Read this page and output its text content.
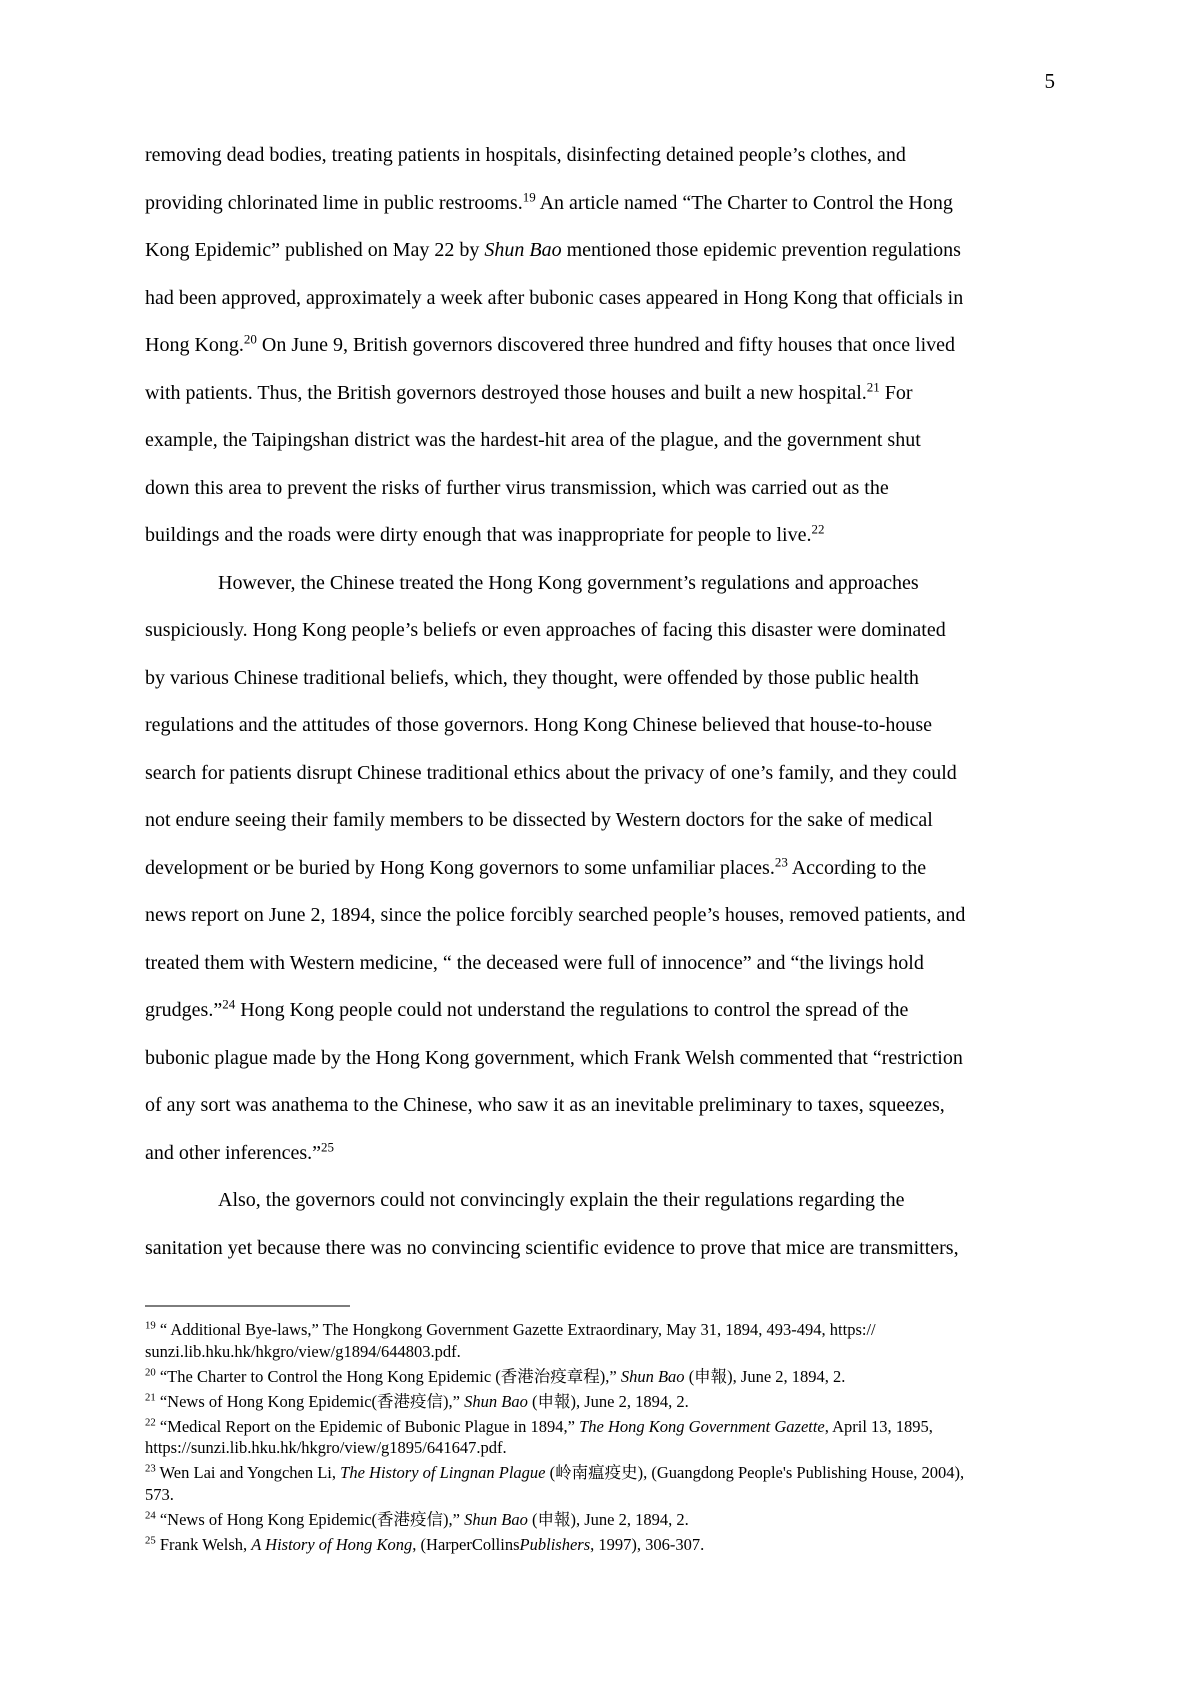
5
removing dead bodies, treating patients in hospitals, disinfecting detained people’s clothes, and
providing chlorinated lime in public restrooms.$^{19}$ An article named “The Charter to Control the Hong
Kong Epidemic” published on May 22 by Shun Bao mentioned those epidemic prevention regulations
had been approved, approximately a week after bubonic cases appeared in Hong Kong that officials in
Hong Kong.$^{20}$ On June 9, British governors discovered three hundred and fifty houses that once lived
with patients. Thus, the British governors destroyed those houses and built a new hospital.$^{21}$ For
example, the Taipingshan district was the hardest-hit area of the plague, and the government shut
down this area to prevent the risks of further virus transmission, which was carried out as the
buildings and the roads were dirty enough that was inappropriate for people to live.$^{22}$
However, the Chinese treated the Hong Kong government’s regulations and approaches
suspiciously. Hong Kong people’s beliefs or even approaches of facing this disaster were dominated
by various Chinese traditional beliefs, which, they thought, were offended by those public health
regulations and the attitudes of those governors. Hong Kong Chinese believed that house-to-house
search for patients disrupt Chinese traditional ethics about the privacy of one’s family, and they could
not endure seeing their family members to be dissected by Western doctors for the sake of medical
development or be buried by Hong Kong governors to some unfamiliar places.$^{23}$ According to the
news report on June 2, 1894, since the police forcibly searched people’s houses, removed patients, and
treated them with Western medicine, “ the deceased were full of innocence” and “the livings hold
grudges.”$^{24}$ Hong Kong people could not understand the regulations to control the spread of the
bubonic plague made by the Hong Kong government, which Frank Welsh commented that “restriction
of any sort was anathema to the Chinese, who saw it as an inevitable preliminary to taxes, squeezes,
and other inferences.”$^{25}$
Also, the governors could not convincingly explain the their regulations regarding the
sanitation yet because there was no convincing scientific evidence to prove that mice are transmitters,
$^{19}$ “ Additional Bye-laws,” The Hongkong Government Gazette Extraordinary, May 31, 1894, 493-494, https://
sunzi.lib.hku.hk/hkgro/view/g1894/644803.pdf.
$^{20}$ “The Charter to Control the Hong Kong Epidemic (香港治疫章程),” Shun Bao (申報), June 2, 1894, 2.
$^{21}$ “News of Hong Kong Epidemic(香港疫信),” Shun Bao (申報), June 2, 1894, 2.
$^{22}$ “Medical Report on the Epidemic of Bubonic Plague in 1894,” The Hong Kong Government Gazette, April 13, 1895,
https://sunzi.lib.hku.hk/hkgro/view/g1895/641647.pdf.
$^{23}$ Wen Lai and Yongchen Li, The History of Lingnan Plague (岭南瘟疫史), (Guangdong People's Publishing House, 2004),
573.
$^{24}$ “News of Hong Kong Epidemic(香港疫信),” Shun Bao (申報), June 2, 1894, 2.
$^{25}$ Frank Welsh, A History of Hong Kong, (HarperCollinsPublishers, 1997), 306-307.
